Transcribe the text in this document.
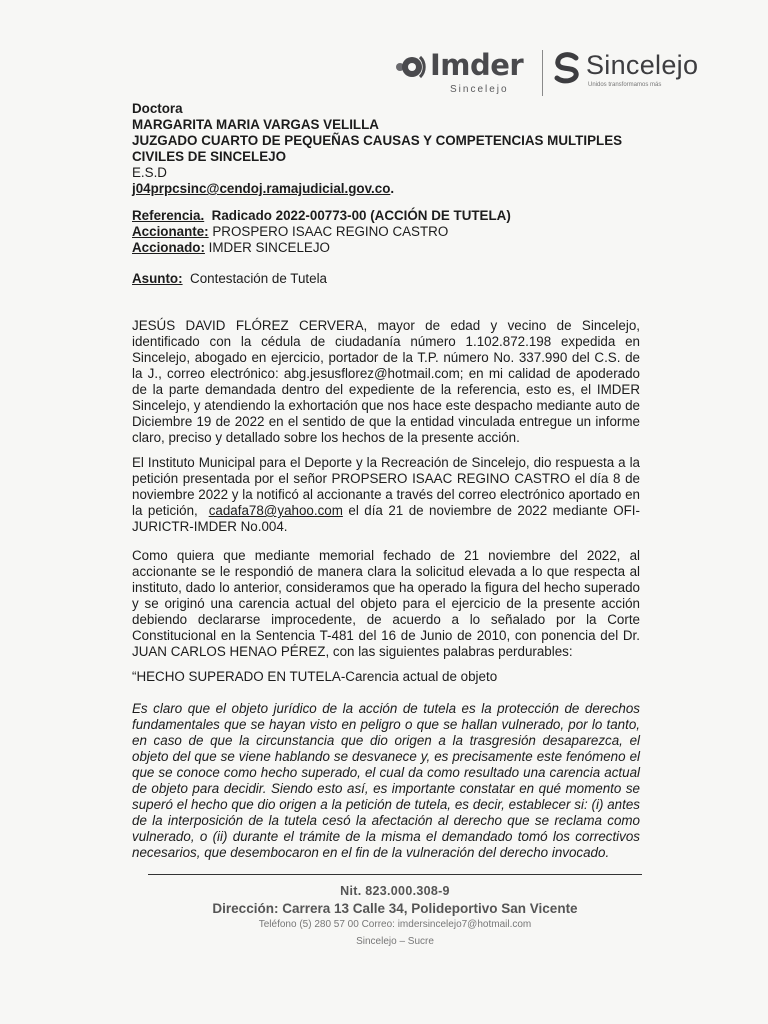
Imder
Sincelejo
Sincelejo
Unidos transformamos más
Doctora
MARGARITA MARIA VARGAS VELILLA
JUZGADO CUARTO DE PEQUEÑAS CAUSAS Y COMPETENCIAS MULTIPLES
CIVILES DE SINCELEJO
E.S.D
j04prpcsinc@cendoj.ramajudicial.gov.co.
Referencia. Radicado 2022-00773-00 (ACCIÓN DE TUTELA)
Accionante: PROSPERO ISAAC REGINO CASTRO
Accionado: IMDER SINCELEJO
Asunto: Contestación de Tutela
JESÚS DAVID FLÓREZ CERVERA, mayor de edad y vecino de Sincelejo, identificado con la cédula de ciudadanía número 1.102.872.198 expedida en Sincelejo, abogado en ejercicio, portador de la T.P. número No. 337.990 del C.S. de la J., correo electrónico: abg.jesusflorez@hotmail.com; en mi calidad de apoderado de la parte demandada dentro del expediente de la referencia, esto es, el IMDER Sincelejo, y atendiendo la exhortación que nos hace este despacho mediante auto de Diciembre 19 de 2022 en el sentido de que la entidad vinculada entregue un informe claro, preciso y detallado sobre los hechos de la presente acción.
El Instituto Municipal para el Deporte y la Recreación de Sincelejo, dio respuesta a la petición presentada por el señor PROPSERO ISAAC REGINO CASTRO el día 8 de noviembre 2022 y la notificó al accionante a través del correo electrónico aportado en la petición, cadafa78@yahoo.com el día 21 de noviembre de 2022 mediante OFI-JURICTR-IMDER No.004.
Como quiera que mediante memorial fechado de 21 noviembre del 2022, al accionante se le respondió de manera clara la solicitud elevada a lo que respecta al instituto, dado lo anterior, consideramos que ha operado la figura del hecho superado y se originó una carencia actual del objeto para el ejercicio de la presente acción debiendo declararse improcedente, de acuerdo a lo señalado por la Corte Constitucional en la Sentencia T-481 del 16 de Junio de 2010, con ponencia del Dr. JUAN CARLOS HENAO PÉREZ, con las siguientes palabras perdurables:
“HECHO SUPERADO EN TUTELA-Carencia actual de objeto
Es claro que el objeto jurídico de la acción de tutela es la protección de derechos fundamentales que se hayan visto en peligro o que se hallan vulnerado, por lo tanto, en caso de que la circunstancia que dio origen a la trasgresión desaparezca, el objeto del que se viene hablando se desvanece y, es precisamente este fenómeno el que se conoce como hecho superado, el cual da como resultado una carencia actual de objeto para decidir. Siendo esto así, es importante constatar en qué momento se superó el hecho que dio origen a la petición de tutela, es decir, establecer si: (i) antes de la interposición de la tutela cesó la afectación al derecho que se reclama como vulnerado, o (ii) durante el trámite de la misma el demandado tomó los correctivos necesarios, que desembocaron en el fin de la vulneración del derecho invocado.
Nit. 823.000.308-9
Dirección: Carrera 13 Calle 34, Polideportivo San Vicente
Teléfono (5) 280 57 00 Correo: imdersincelejo7@hotmail.com
Sincelejo – Sucre
